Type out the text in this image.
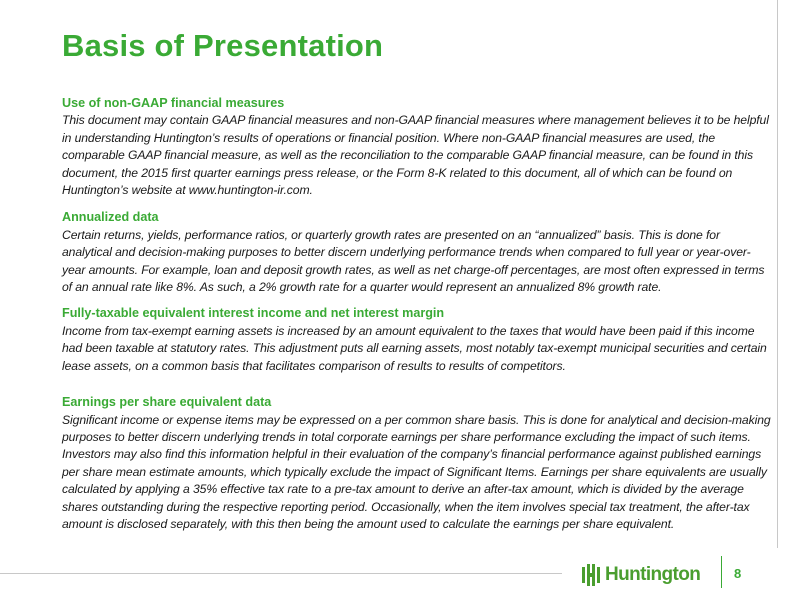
Basis of Presentation
Use of non-GAAP financial measures

This document may contain GAAP financial measures and non-GAAP financial measures where management believes it to be helpful in understanding Huntington’s results of operations or financial position. Where non-GAAP financial measures are used, the comparable GAAP financial measure, as well as the reconciliation to the comparable GAAP financial measure, can be found in this document, the 2015 first quarter earnings press release, or the Form 8-K related to this document, all of which can be found on Huntington’s website at www.huntington-ir.com.

Annualized data

Certain returns, yields, performance ratios, or quarterly growth rates are presented on an “annualized” basis. This is done for analytical and decision-making purposes to better discern underlying performance trends when compared to full year or year-over-year amounts. For example, loan and deposit growth rates, as well as net charge-off percentages, are most often expressed in terms of an annual rate like 8%. As such, a 2% growth rate for a quarter would represent an annualized 8% growth rate.

Fully-taxable equivalent interest income and net interest margin

Income from tax-exempt earning assets is increased by an amount equivalent to the taxes that would have been paid if this income had been taxable at statutory rates. This adjustment puts all earning assets, most notably tax-exempt municipal securities and certain lease assets, on a common basis that facilitates comparison of results to results of competitors.

Earnings per share equivalent data

Significant income or expense items may be expressed on a per common share basis. This is done for analytical and decision-making purposes to better discern underlying trends in total corporate earnings per share performance excluding the impact of such items. Investors may also find this information helpful in their evaluation of the company’s financial performance against published earnings per share mean estimate amounts, which typically exclude the impact of Significant Items. Earnings per share equivalents are usually calculated by applying a 35% effective tax rate to a pre-tax amount to derive an after-tax amount, which is divided by the average shares outstanding during the respective reporting period. Occasionally, when the item involves special tax treatment, the after-tax amount is disclosed separately, with this then being the amount used to calculate the earnings per share equivalent.

Huntington	8
